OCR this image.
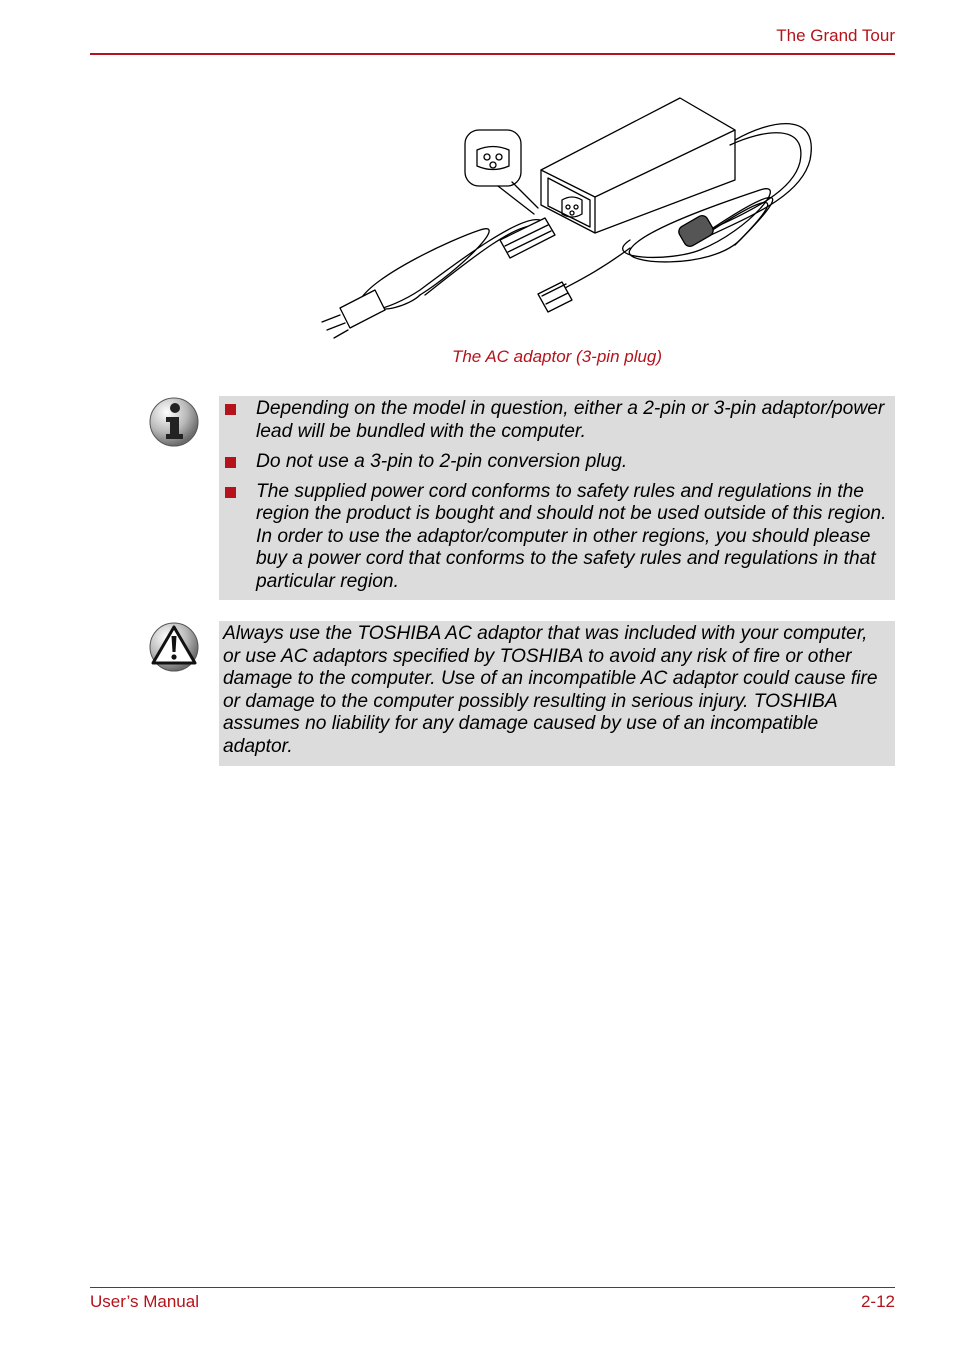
The Grand Tour
The AC adaptor (3-pin plug)
Depending on the model in question, either a 2-pin or 3-pin adaptor/power lead will be bundled with the computer.
Do not use a 3-pin to 2-pin conversion plug.
The supplied power cord conforms to safety rules and regulations in the region the product is bought and should not be used outside of this region. In order to use the adaptor/computer in other regions, you should please buy a power cord that conforms to the safety rules and regulations in that particular region.
Always use the TOSHIBA AC adaptor that was included with your computer, or use AC adaptors specified by TOSHIBA to avoid any risk of fire or other damage to the computer. Use of an incompatible AC adaptor could cause fire or damage to the computer possibly resulting in serious injury. TOSHIBA assumes no liability for any damage caused by use of an incompatible adaptor.
User’s Manual	2-12
